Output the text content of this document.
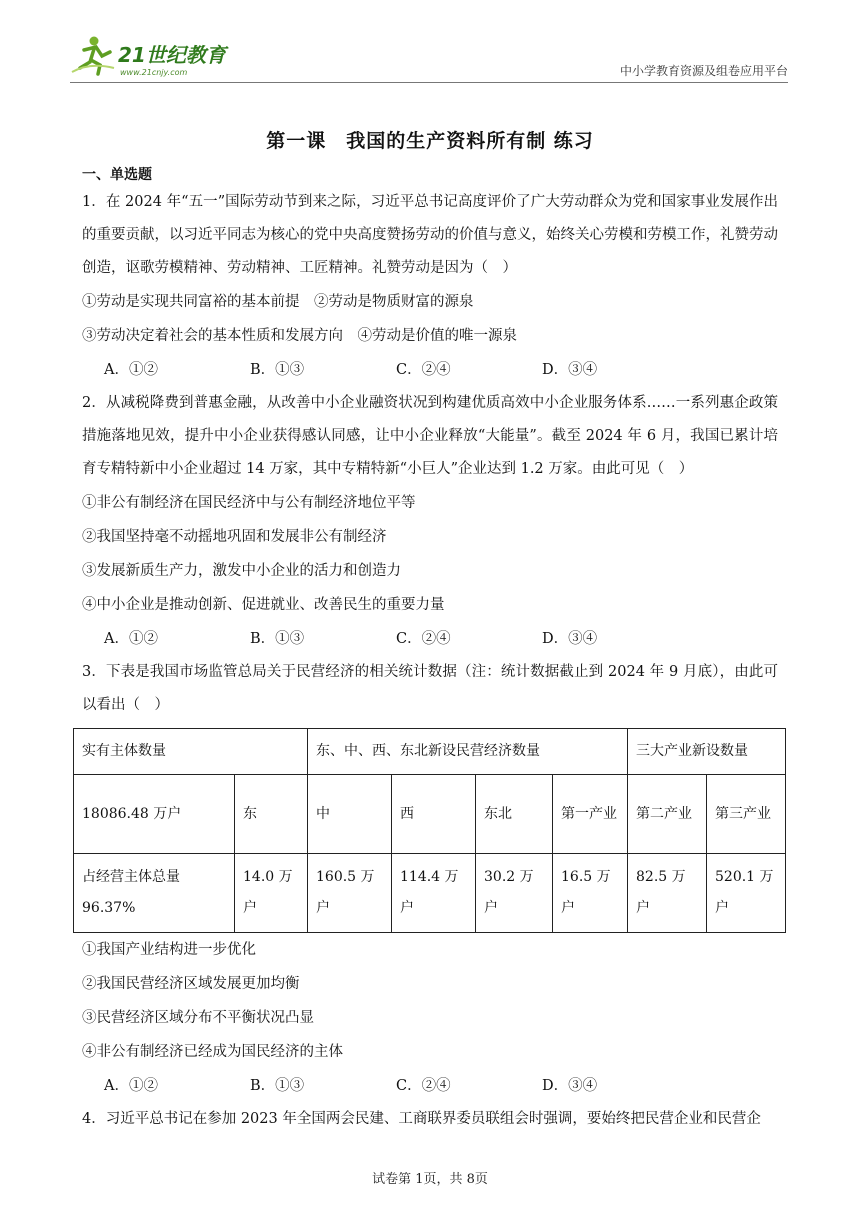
21世纪教育
www.21cnjy.com	中小学教育资源及组卷应用平台
第一课　我国的生产资料所有制 练习
一、单选题

1．在 2024 年“五一”国际劳动节到来之际，习近平总书记高度评价了广大劳动群众为党和国家事业发展作出的重要贡献，以习近平同志为核心的党中央高度赞扬劳动的价值与意义，始终关心劳模和劳模工作，礼赞劳动创造，讴歌劳模精神、劳动精神、工匠精神。礼赞劳动是因为（　）

①劳动是实现共同富裕的基本前提　②劳动是物质财富的源泉

③劳动决定着社会的基本性质和发展方向　④劳动是价值的唯一源泉

A．①②	B．①③	C．②④	D．③④

2．从减税降费到普惠金融，从改善中小企业融资状况到构建优质高效中小企业服务体系……一系列惠企政策措施落地见效，提升中小企业获得感认同感，让中小企业释放“大能量”。截至 2024 年 6 月，我国已累计培育专精特新中小企业超过 14 万家，其中专精特新“小巨人”企业达到 1.2 万家。由此可见（　）

①非公有制经济在国民经济中与公有制经济地位平等

②我国坚持毫不动摇地巩固和发展非公有制经济

③发展新质生产力，激发中小企业的活力和创造力

④中小企业是推动创新、促进就业、改善民生的重要力量

A．①②	B．①③	C．②④	D．③④

3．下表是我国市场监管总局关于民营经济的相关统计数据（注：统计数据截止到 2024 年 9 月底），由此可以看出（　）

实有主体数量		东、中、西、东北新设民营经济数量				三大产业新设数量	
18086.48 万户	东	中	西	东北	第一产业	第二产业	第三产业
占经营主体总量 96.37%	14.0 万户	160.5 万户	114.4 万户	30.2 万户	16.5 万户	82.5 万户	520.1 万户

①我国产业结构进一步优化

②我国民营经济区域发展更加均衡

③民营经济区域分布不平衡状况凸显

④非公有制经济已经成为国民经济的主体

A．①②	B．①③	C．②④	D．③④

4．习近平总书记在参加 2023 年全国两会民建、工商联界委员联组会时强调，要始终把民营企业和民营企

试卷第 1页，共 8页
